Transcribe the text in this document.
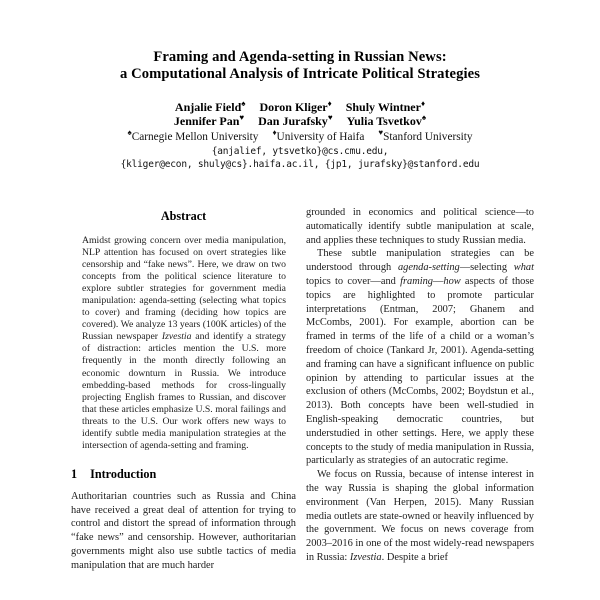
Framing and Agenda-setting in Russian News:
a Computational Analysis of Intricate Political Strategies
Anjalie Field♠ Doron Kliger♦ Shuly Wintner♦
Jennifer Pan♥ Dan Jurafsky♥ Yulia Tsvetkov♠
♠Carnegie Mellon University ♦University of Haifa ♥Stanford University
{anjalief, ytsvetko}@cs.cmu.edu,
{kliger@econ, shuly@cs}.haifa.ac.il, {jp1, jurafsky}@stanford.edu
Abstract

Amidst growing concern over media manipulation, NLP attention has focused on overt strategies like censorship and “fake news”. Here, we draw on two concepts from the political science literature to explore subtler strategies for government media manipulation: agenda-setting (selecting what topics to cover) and framing (deciding how topics are covered). We analyze 13 years (100K articles) of the Russian newspaper Izvestia and identify a strategy of distraction: articles mention the U.S. more frequently in the month directly following an economic downturn in Russia. We introduce embedding-based methods for cross-lingually projecting English frames to Russian, and discover that these articles emphasize U.S. moral failings and threats to the U.S. Our work offers new ways to identify subtle media manipulation strategies at the intersection of agenda-setting and framing.

1 Introduction

Authoritarian countries such as Russia and China have received a great deal of attention for trying to control and distort the spread of information through “fake news” and censorship. However, authoritarian governments might also use subtle tactics of media manipulation that are much harder

grounded in economics and political science—to automatically identify subtle manipulation at scale, and applies these techniques to study Russian media.

These subtle manipulation strategies can be understood through agenda-setting—selecting what topics to cover—and framing—how aspects of those topics are highlighted to promote particular interpretations (Entman, 2007; Ghanem and McCombs, 2001). For example, abortion can be framed in terms of the life of a child or a woman’s freedom of choice (Tankard Jr, 2001). Agenda-setting and framing can have a significant influence on public opinion by attending to particular issues at the exclusion of others (McCombs, 2002; Boydstun et al., 2013). Both concepts have been well-studied in English-speaking democratic countries, but understudied in other settings. Here, we apply these concepts to the study of media manipulation in Russia, particularly as strategies of an autocratic regime.

We focus on Russia, because of intense interest in the way Russia is shaping the global information environment (Van Herpen, 2015). Many Russian media outlets are state-owned or heavily influenced by the government. We focus on news coverage from 2003–2016 in one of the most widely-read newspapers in Russia: Izvestia. Despite a brief
